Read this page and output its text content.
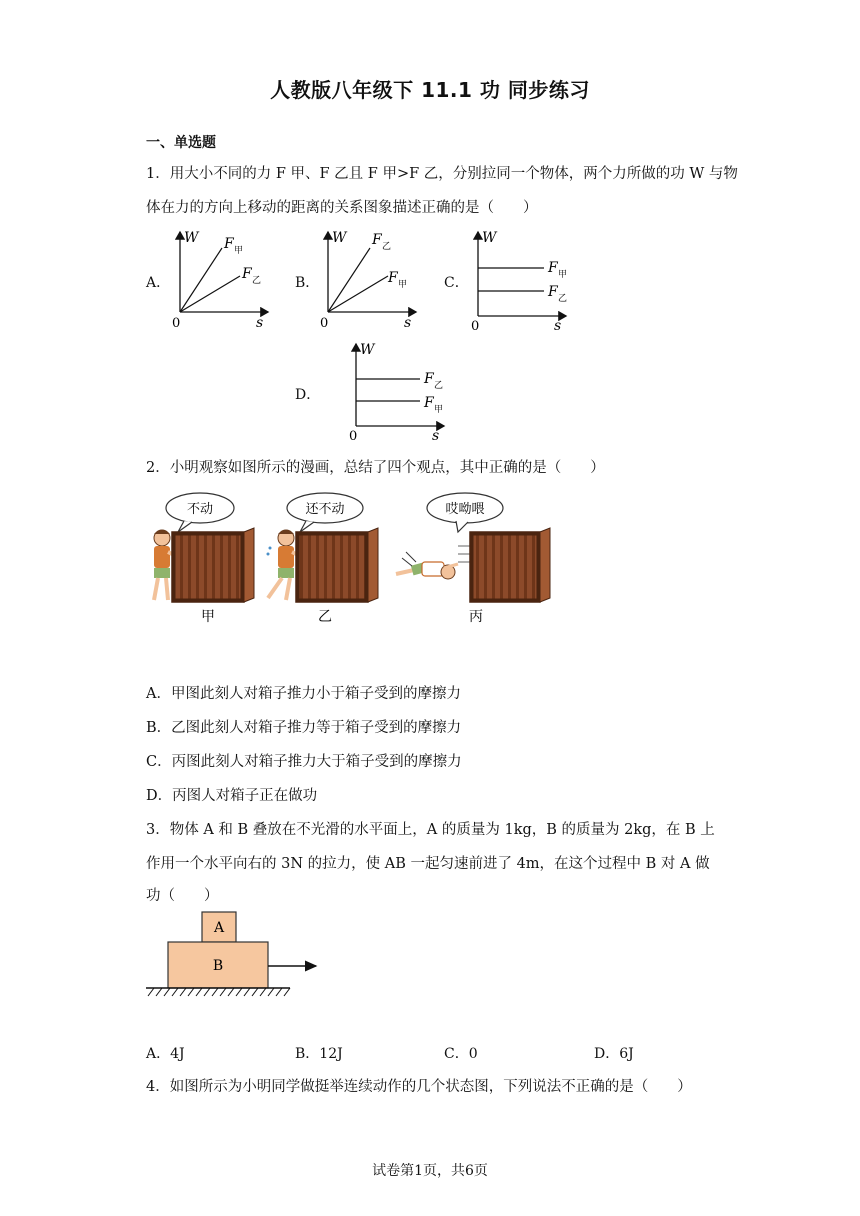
人教版八年级下 11.1 功 同步练习
一、单选题
1．用大小不同的力 F 甲、F 乙且 F 甲>F 乙，分别拉同一个物体，两个力所做的功 W 与物
体在力的方向上移动的距离的关系图象描述正确的是（　　）
A．
W
s
0
F 甲
F 乙 B．
W
s
0
F 乙
F 甲	C．
W
s
0
F 甲
F 乙
D．
W
s
0
F 乙
F 甲
2．小明观察如图所示的漫画，总结了四个观点，其中正确的是（　　）
不动
甲
还不动
乙
哎呦喂
丙
A．甲图此刻人对箱子推力小于箱子受到的摩擦力
B．乙图此刻人对箱子推力等于箱子受到的摩擦力
C．丙图此刻人对箱子推力大于箱子受到的摩擦力
D．丙图人对箱子正在做功
3．物体 A 和 B 叠放在不光滑的水平面上，A 的质量为 1kg，B 的质量为 2kg，在 B 上
作用一个水平向右的 3N 的拉力，使 AB 一起匀速前进了 4m，在这个过程中 B 对 A 做
功（　　）
A
B
A．4J	B．12J	C．0	D．6J
4．如图所示为小明同学做挺举连续动作的几个状态图，下列说法不正确的是（　　）
试卷第1页，共6页
